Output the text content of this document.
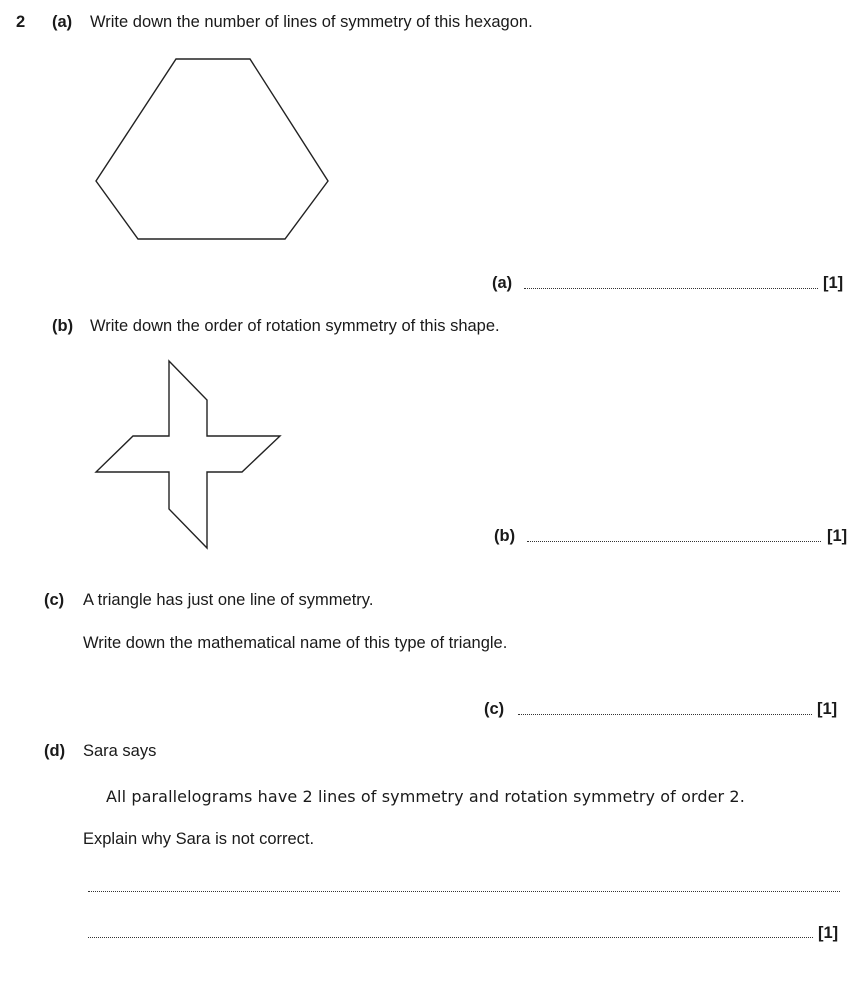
2 (a) Write down the number of lines of symmetry of this hexagon.
(a)	[1]
(b) Write down the order of rotation symmetry of this shape.
(b)	[1]
(c) A triangle has just one line of symmetry.
Write down the mathematical name of this type of triangle.
(c)	[1]
(d) Sara says
All parallelograms have 2 lines of symmetry and rotation symmetry of order 2.
Explain why Sara is not correct.
[1]
